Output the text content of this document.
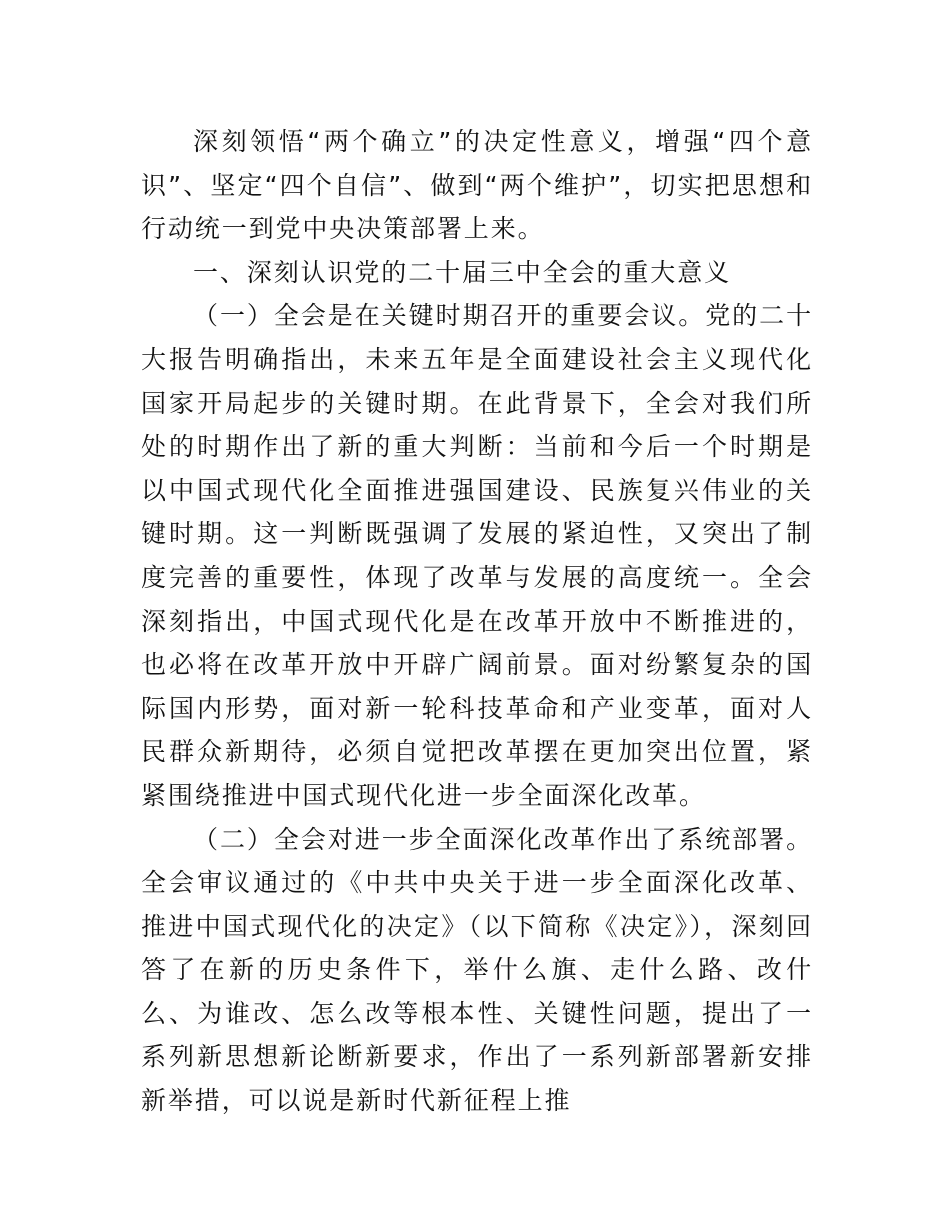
深刻领悟“两个确立”的决定性意义，增强“四个意识”、坚定“四个自信”、做到“两个维护”，切实把思想和行动统一到党中央决策部署上来。

一、深刻认识党的二十届三中全会的重大意义

（一）全会是在关键时期召开的重要会议。党的二十大报告明确指出，未来五年是全面建设社会主义现代化国家开局起步的关键时期。在此背景下，全会对我们所处的时期作出了新的重大判断：当前和今后一个时期是以中国式现代化全面推进强国建设、民族复兴伟业的关键时期。这一判断既强调了发展的紧迫性，又突出了制度完善的重要性，体现了改革与发展的高度统一。全会深刻指出，中国式现代化是在改革开放中不断推进的，也必将在改革开放中开辟广阔前景。面对纷繁复杂的国际国内形势，面对新一轮科技革命和产业变革，面对人民群众新期待，必须自觉把改革摆在更加突出位置，紧紧围绕推进中国式现代化进一步全面深化改革。

（二）全会对进一步全面深化改革作出了系统部署。全会审议通过的《中共中央关于进一步全面深化改革、推进中国式现代化的决定》（以下简称《决定》），深刻回答了在新的历史条件下，举什么旗、走什么路、改什么、为谁改、怎么改等根本性、关键性问题，提出了一系列新思想新论断新要求，作出了一系列新部署新安排新举措，可以说是新时代新征程上推
